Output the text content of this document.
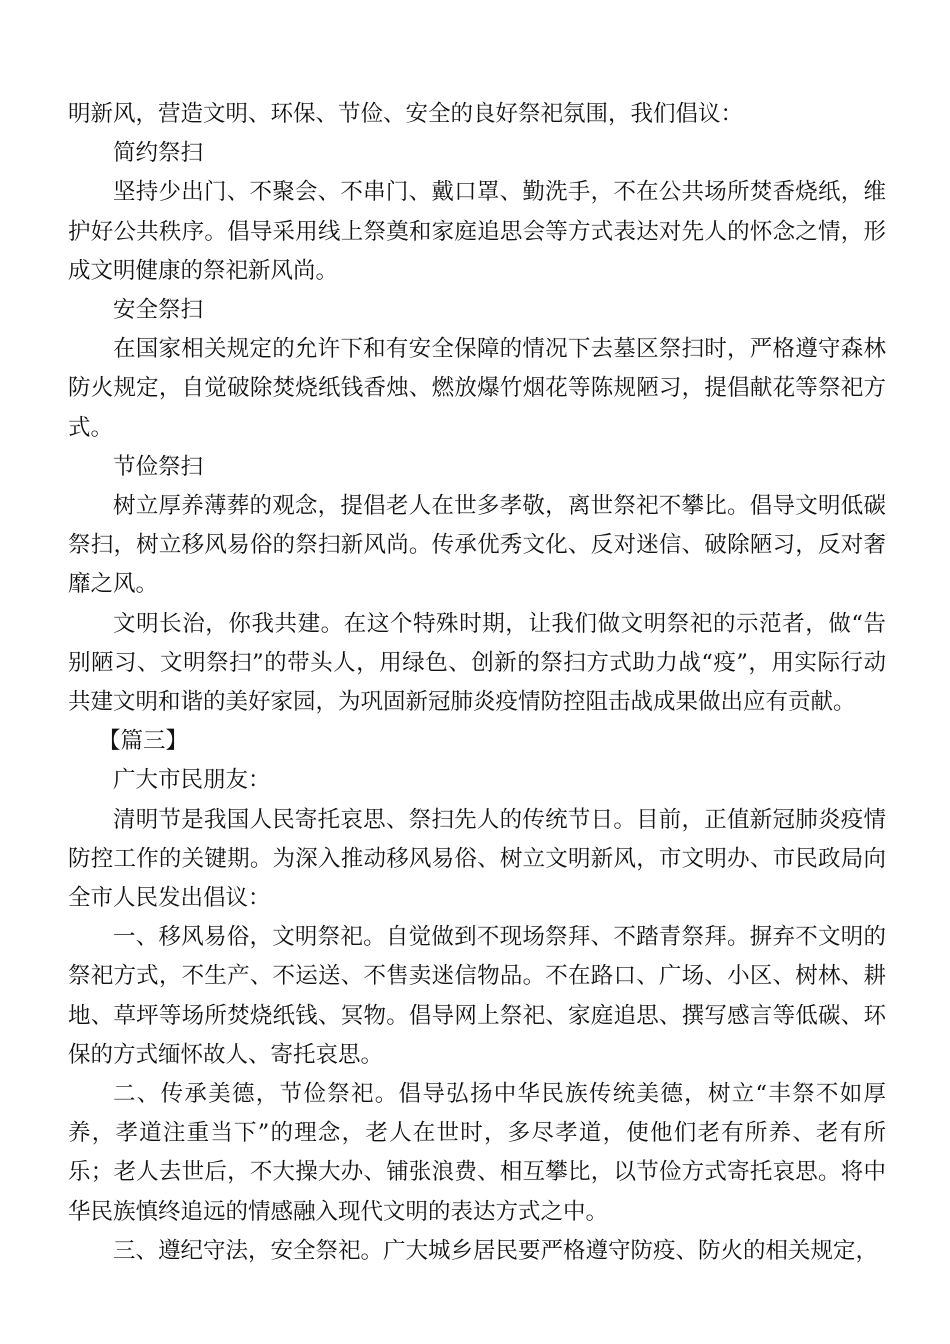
明新风，营造文明、环保、节俭、安全的良好祭祀氛围，我们倡议：

简约祭扫

坚持少出门、不聚会、不串门、戴口罩、勤洗手，不在公共场所焚香烧纸，维护好公共秩序。倡导采用线上祭奠和家庭追思会等方式表达对先人的怀念之情，形成文明健康的祭祀新风尚。

安全祭扫

在国家相关规定的允许下和有安全保障的情况下去墓区祭扫时，严格遵守森林防火规定，自觉破除焚烧纸钱香烛、燃放爆竹烟花等陈规陋习，提倡献花等祭祀方式。

节俭祭扫

树立厚养薄葬的观念，提倡老人在世多孝敬，离世祭祀不攀比。倡导文明低碳祭扫，树立移风易俗的祭扫新风尚。传承优秀文化、反对迷信、破除陋习，反对奢靡之风。

文明长治，你我共建。在这个特殊时期，让我们做文明祭祀的示范者，做“告别陋习、文明祭扫”的带头人，用绿色、创新的祭扫方式助力战“疫”，用实际行动共建文明和谐的美好家园，为巩固新冠肺炎疫情防控阻击战成果做出应有贡献。

【篇三】

广大市民朋友：

清明节是我国人民寄托哀思、祭扫先人的传统节日。目前，正值新冠肺炎疫情防控工作的关键期。为深入推动移风易俗、树立文明新风，市文明办、市民政局向全市人民发出倡议：

一、移风易俗，文明祭祀。自觉做到不现场祭拜、不踏青祭拜。摒弃不文明的祭祀方式，不生产、不运送、不售卖迷信物品。不在路口、广场、小区、树林、耕地、草坪等场所焚烧纸钱、冥物。倡导网上祭祀、家庭追思、撰写感言等低碳、环保的方式缅怀故人、寄托哀思。

二、传承美德，节俭祭祀。倡导弘扬中华民族传统美德，树立“丰祭不如厚养，孝道注重当下”的理念，老人在世时，多尽孝道，使他们老有所养、老有所乐；老人去世后，不大操大办、铺张浪费、相互攀比，以节俭方式寄托哀思。将中华民族慎终追远的情感融入现代文明的表达方式之中。

三、遵纪守法，安全祭祀。广大城乡居民要严格遵守防疫、防火的相关规定，
